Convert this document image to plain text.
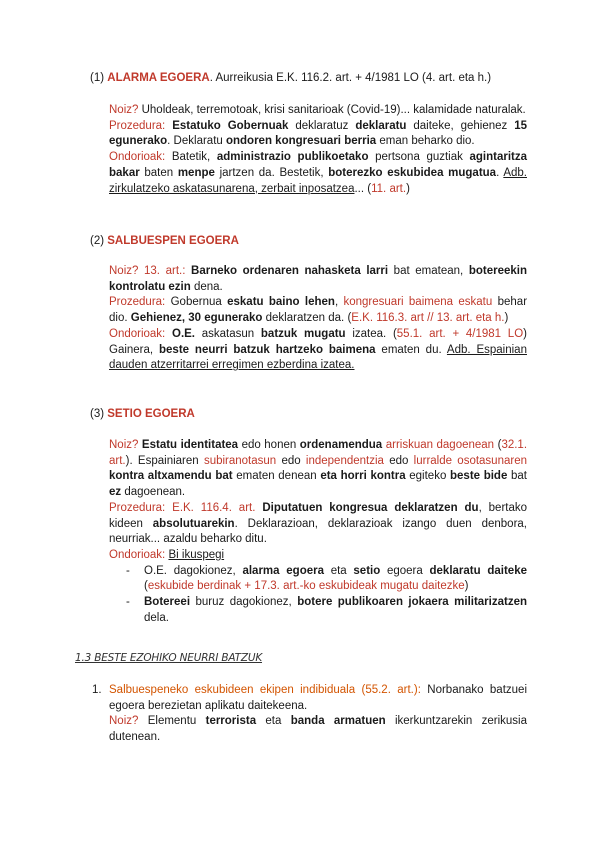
(1) ALARMA EGOERA. Aurreikusia E.K. 116.2. art. + 4/1981 LO (4. art. eta h.)

Noiz? Uholdeak, terremotoak, krisi sanitarioak (Covid-19)... kalamidade naturalak.

Prozedura: Estatuko Gobernuak deklaratuz deklaratu daiteke, gehienez 15 egunerako. Deklaratu ondoren kongresuari berria eman beharko dio.

Ondorioak: Batetik, administrazio publikoetako pertsona guztiak agintaritza bakar baten menpe jartzen da. Bestetik, boterezko eskubidea mugatua. Adb. zirkulatzeko askatasunarena, zerbait inposatzea... (11. art.)

(2) SALBUESPEN EGOERA

Noiz? 13. art.: Barneko ordenaren nahasketa larri bat ematean, botereekin kontrolatu ezin dena.

Prozedura: Gobernua eskatu baino lehen, kongresuari baimena eskatu behar dio. Gehienez, 30 egunerako deklaratzen da. (E.K. 116.3. art // 13. art. eta h.)

Ondorioak: O.E. askatasun batzuk mugatu izatea. (55.1. art. + 4/1981 LO) Gainera, beste neurri batzuk hartzeko baimena ematen du. Adb. Espainian dauden atzerritarrei erregimen ezberdina izatea.

(3) SETIO EGOERA

Noiz? Estatu identitatea edo honen ordenamendua arriskuan dagoenean (32.1. art.). Espainiaren subiranotasun edo independentzia edo lurralde osotasunaren kontra altxamendu bat ematen denean eta horri kontra egiteko beste bide bat ez dagoenean.

Prozedura: E.K. 116.4. art. Diputatuen kongresua deklaratzen du, bertako kideen absolutuarekin. Deklarazioan, deklarazioak izango duen denbora, neurriak... azaldu beharko ditu.

Ondorioak: Bi ikuspegi

- O.E. dagokionez, alarma egoera eta setio egoera deklaratu daiteke (eskubide berdinak + 17.3. art.-ko eskubideak mugatu daitezke)

- Botereei buruz dagokionez, botere publikoaren jokaera militarizatzen dela.

1.3 BESTE EZOHIKO NEURRI BATZUK
1. Salbuespeneko eskubideen ekipen indibiduala (55.2. art.): Norbanako batzuei egoera berezietan aplikatu daitekeena.

Noiz? Elementu terrorista eta banda armatuen ikerkuntzarekin zerikusia dutenean.
